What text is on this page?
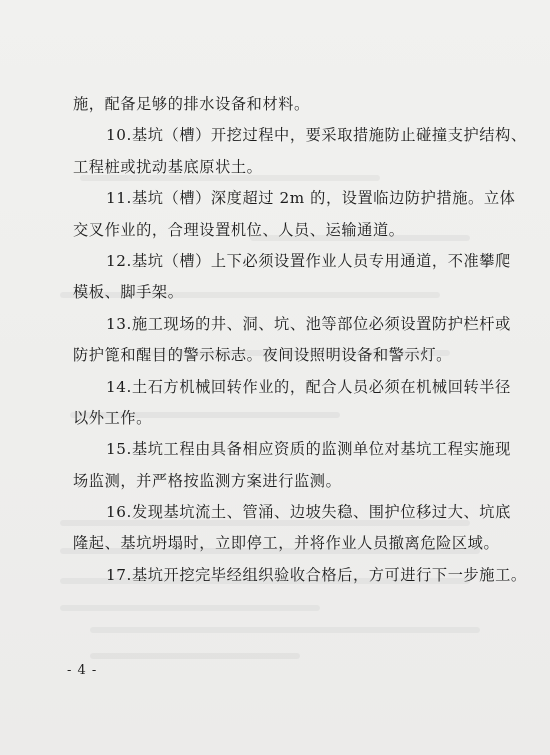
施，配备足够的排水设备和材料。
10.基坑（槽）开挖过程中，要采取措施防止碰撞支护结构、
工程桩或扰动基底原状土。
11.基坑（槽）深度超过 2m 的，设置临边防护措施。立体
交叉作业的，合理设置机位、人员、运输通道。
12.基坑（槽）上下必须设置作业人员专用通道，不准攀爬
模板、脚手架。
13.施工现场的井、洞、坑、池等部位必须设置防护栏杆或
防护篦和醒目的警示标志。夜间设照明设备和警示灯。
14.土石方机械回转作业的，配合人员必须在机械回转半径
以外工作。
15.基坑工程由具备相应资质的监测单位对基坑工程实施现
场监测，并严格按监测方案进行监测。
16.发现基坑流土、管涌、边坡失稳、围护位移过大、坑底
隆起、基坑坍塌时，立即停工，并将作业人员撤离危险区域。
17.基坑开挖完毕经组织验收合格后，方可进行下一步施工。
- 4 -
